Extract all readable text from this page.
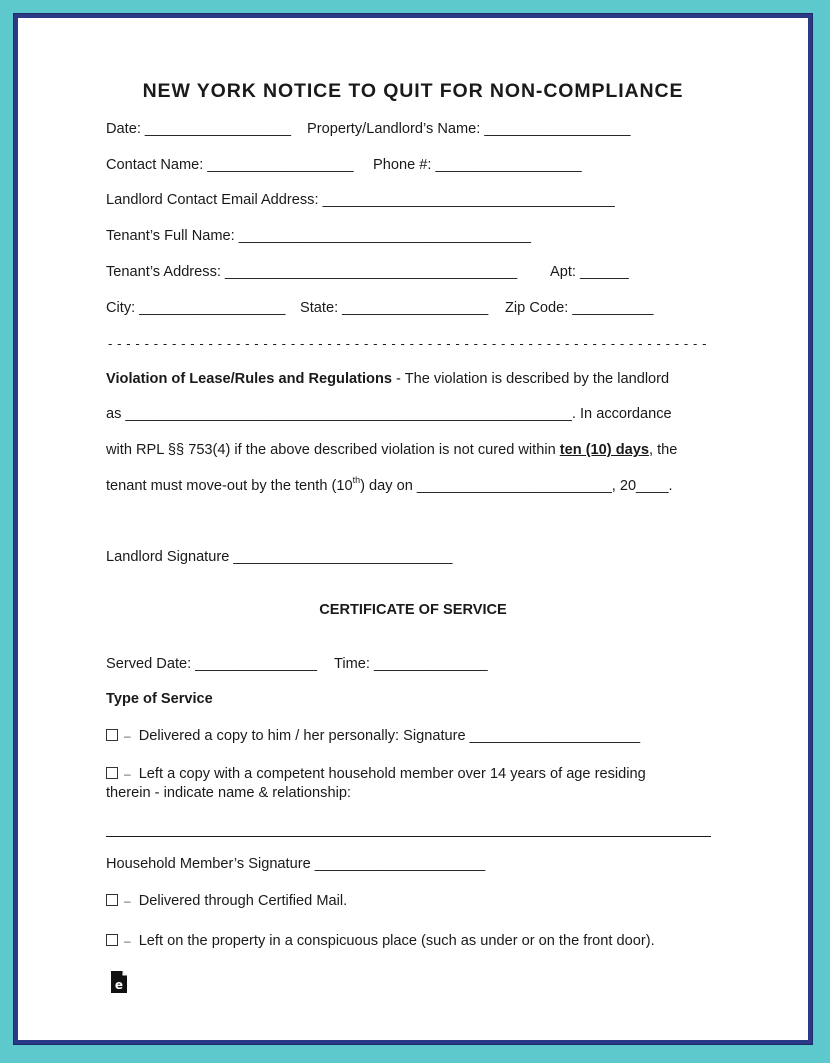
NEW YORK NOTICE TO QUIT FOR NON-COMPLIANCE
Date: __________________ Property/Landlord’s Name: __________________
Contact Name: __________________ Phone #: __________________
Landlord Contact Email Address: ____________________________________
Tenant’s Full Name: ____________________________________
Tenant’s Address: ____________________________________ Apt: ______
City: __________________ State: __________________ Zip Code: __________
- - - - - - - - - - - - - - - - - - - - - - - - - - - - - - - - - - - - - - - - - - - - - - - - - - - - - - - - - - - - - - - - - -
Violation of Lease/Rules and Regulations - The violation is described by the landlord
as _______________________________________________________. In accordance
with RPL §§ 753(4) if the above described violation is not cured within ten (10) days, the
tenant must move-out by the tenth (10th) day on ________________________, 20____.
Landlord Signature ___________________________
CERTIFICATE OF SERVICE
Served Date: _______________ Time: ______________
Type of Service
– Delivered a copy to him / her personally: Signature _____________________
– Left a copy with a competent household member over 14 years of age residing
therein - indicate name & relationship:
Household Member’s Signature _____________________
– Delivered through Certified Mail.
– Left on the property in a conspicuous place (such as under or on the front door).
e
